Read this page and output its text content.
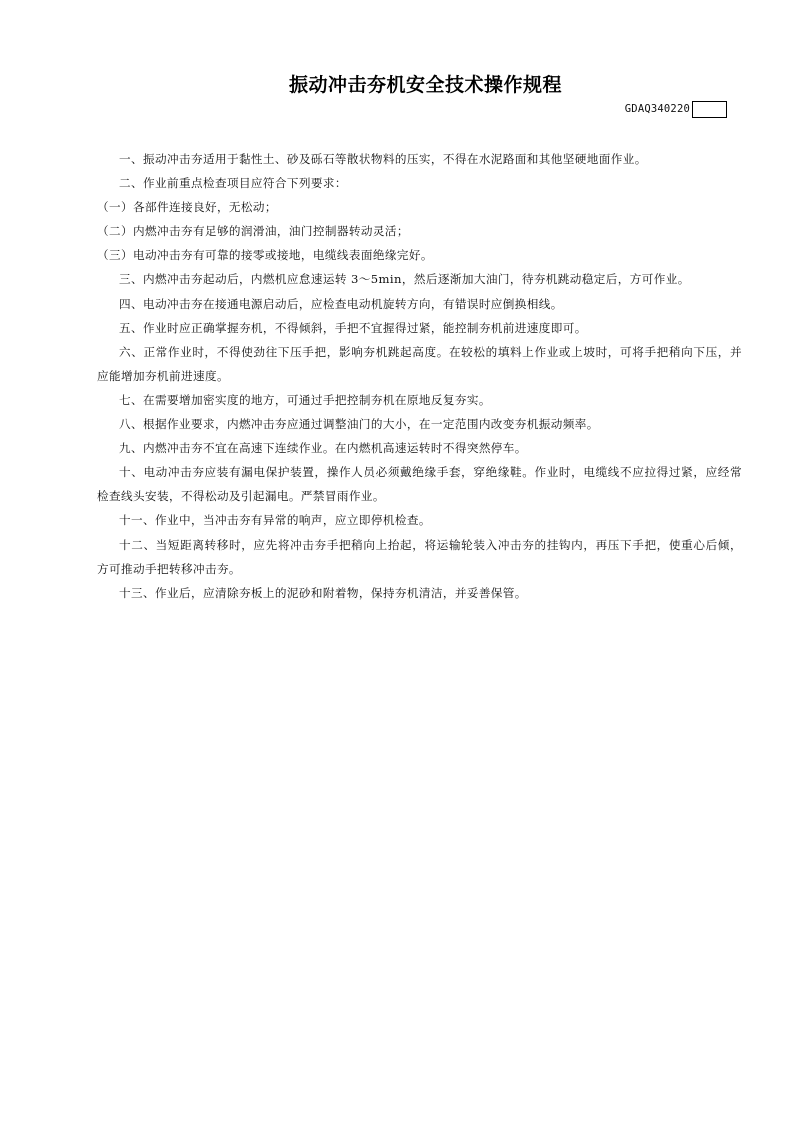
振动冲击夯机安全技术操作规程
GDAQ340220

一、振动冲击夯适用于黏性土、砂及砾石等散状物料的压实，不得在水泥路面和其他坚硬地面作业。

二、作业前重点检查项目应符合下列要求：

（一）各部件连接良好，无松动；

（二）内燃冲击夯有足够的润滑油，油门控制器转动灵活；

（三）电动冲击夯有可靠的接零或接地，电缆线表面绝缘完好。

三、内燃冲击夯起动后，内燃机应怠速运转 3～5min，然后逐渐加大油门，待夯机跳动稳定后，方可作业。

四、电动冲击夯在接通电源启动后，应检查电动机旋转方向，有错误时应倒换相线。

五、作业时应正确掌握夯机，不得倾斜，手把不宜握得过紧，能控制夯机前进速度即可。

六、正常作业时，不得使劲往下压手把，影响夯机跳起高度。在较松的填料上作业或上坡时，可将手把稍向下压，并应能增加夯机前进速度。

七、在需要增加密实度的地方，可通过手把控制夯机在原地反复夯实。

八、根据作业要求，内燃冲击夯应通过调整油门的大小，在一定范围内改变夯机振动频率。

九、内燃冲击夯不宜在高速下连续作业。在内燃机高速运转时不得突然停车。

十、电动冲击夯应装有漏电保护装置，操作人员必须戴绝缘手套，穿绝缘鞋。作业时，电缆线不应拉得过紧，应经常检查线头安装，不得松动及引起漏电。严禁冒雨作业。

十一、作业中，当冲击夯有异常的响声，应立即停机检查。

十二、当短距离转移时，应先将冲击夯手把稍向上抬起，将运输轮装入冲击夯的挂钩内，再压下手把，使重心后倾，方可推动手把转移冲击夯。

十三、作业后，应清除夯板上的泥砂和附着物，保持夯机清洁，并妥善保管。
